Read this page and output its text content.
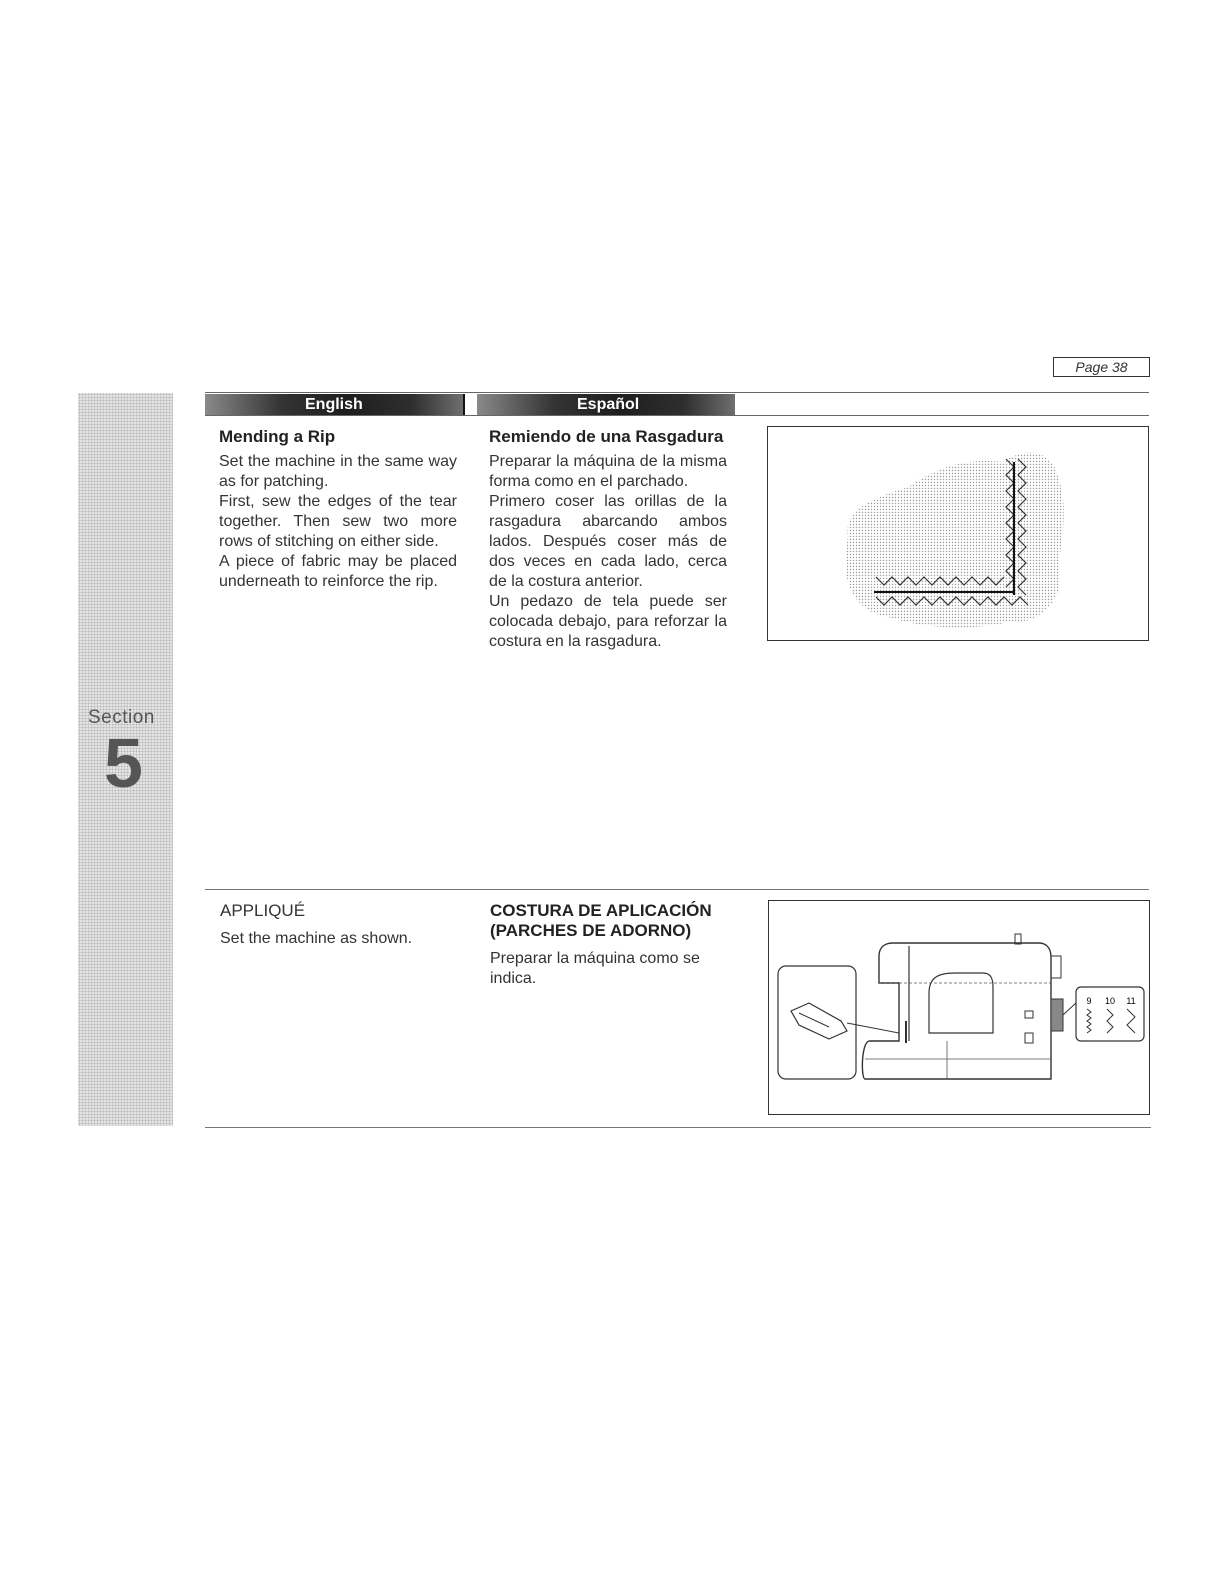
Section
5
Page 38
English	Español
Mending a Rip

Set the machine in the same way as for patching.

First, sew the edges of the tear together. Then sew two more rows of stitching on either side.

A piece of fabric may be placed underneath to reinforce the rip.

Remiendo de una Rasgadura

Preparar la máquina de la misma forma como en el parchado.

Primero coser las orillas de la rasgadura abarcando ambos lados. Después coser más de dos veces en cada lado, cerca de la costura anterior.

Un pedazo de tela puede ser colocada debajo, para reforzar la costura en la rasgadura.

APPLIQUÉ
Set the machine as shown.
COSTURA DE APLICACIÓN
(PARCHES DE ADORNO)
Preparar la máquina como se indica.
9 10 11
